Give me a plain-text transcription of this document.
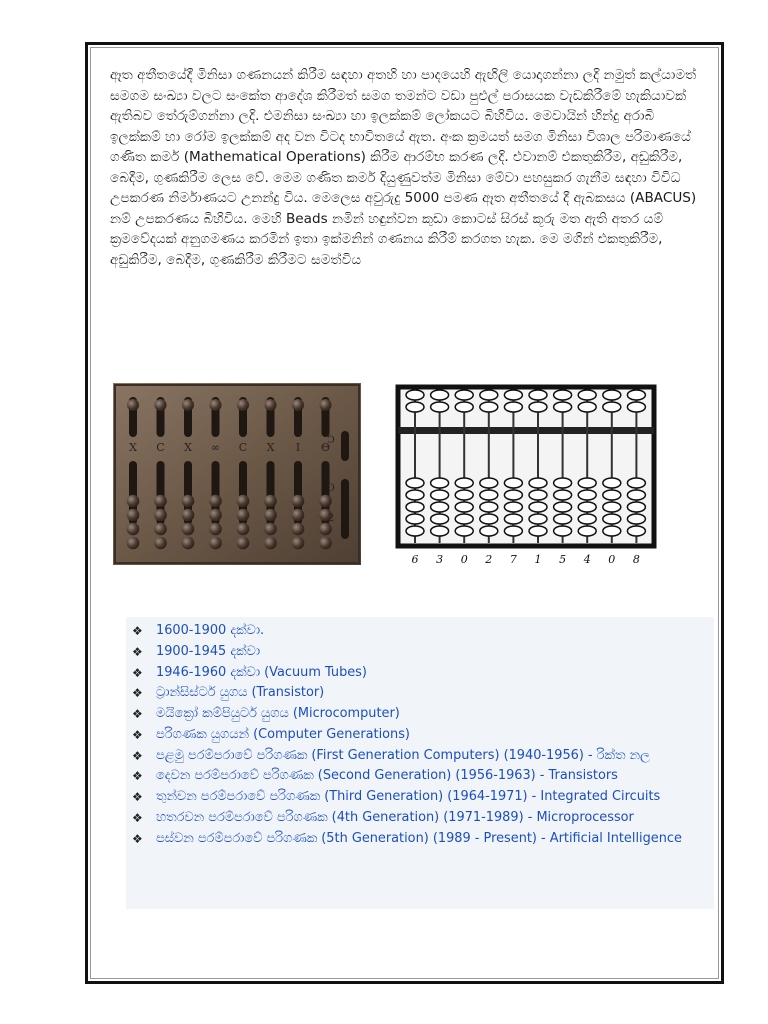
ඈත අතීතයේදී මිනිසා ගණනයන් කිරීම සඳහා අතහි හා පාදයෙහි ඇඟිලි යොදාගන්නා ලදි නමුත් කල්යාමත් සමගම සංඛ්‍යා වලට සංකේත ආදේශ කිරීමත් සමග තමන්ට වඩා පුළුල් පරාසයක වැඩකිරීමේ හැකියාවක් ඇතිබව තේරුම්ගන්නා ලදි. එමනිසා සංඛ්‍යා හා ඉලක්කම් ලෝකයට බිහිවිය. මෙවායින් හින්දු අරාබි ඉලක්කම් හා රෝම ඉලක්කම් අද වන විටද භාවිතයේ ඇත. අංක ක්‍රමයත් සමග මිනිසා විශාල පරිමාණයේ ගණිත කර්ම (Mathematical Operations) කිරීම ආරම්භ කරණ ලදි. එවානම් එකතුකිරීම, අඩුකිරීම, බෙදීම, ගුණකිරීම ලෙස වේ. මෙම ගණිත කර්ම දියුණුවත්ම මිනිසා මේවා පහසුකර ගැනීම සඳහා විවිධ උපකරණ නිර්මාණයට උනන්දු විය. මෙලෙස අවුරුදු 5000 පමණ ඈත අතීතයේ දී ඇබකසය (ABACUS) නම් උපකරණය බිහිවිය. මෙහි Beads නමින් හඳුන්වන කුඩා කොටස් සිරස් කූරු මත ඇති අතර යම් ක්‍රමවේදයක් අනුගමණය කරමින් ඉතා ඉක්මනින් ගණනය කිරීම් කරගත හැක. මෙ මගින් එකතුකිරීම, අඩුකිරීම, බෙදීම, ගුණකිරීම කිරීමට සමත්විය

X C X ∞ C X I Θ
Ↄ
Ↄ
2
6 3 0 2 7 1 5 4 0 8
❖ 1600-1900 දක්වා.
❖ 1900-1945 දක්වා
❖ 1946-1960 දක්වා (Vacuum Tubes)
❖ ට්‍රාන්සිස්ටර් යුගය (Transistor)
❖ මයික්‍රෝ කම්පියුටර් යුගය (Microcomputer)
❖ පරිගණක යුගයන් (Computer Generations)
❖ පළමු පරම්පරාවේ පරිගණක (First Generation Computers) (1940-1956) - රික්ත නල
❖ දෙවන පරම්පරාවේ පරිගණක (Second Generation) (1956-1963) - Transistors
❖ තුන්වන පරම්පරාවේ පරිගණක (Third Generation) (1964-1971) - Integrated Circuits
❖ හතරවන පරම්පරාවේ පරිගණක (4th Generation) (1971-1989) - Microprocessor
❖ පස්වන පරම්පරාවේ පරිගණක (5th Generation) (1989 - Present) - Artificial Intelligence
